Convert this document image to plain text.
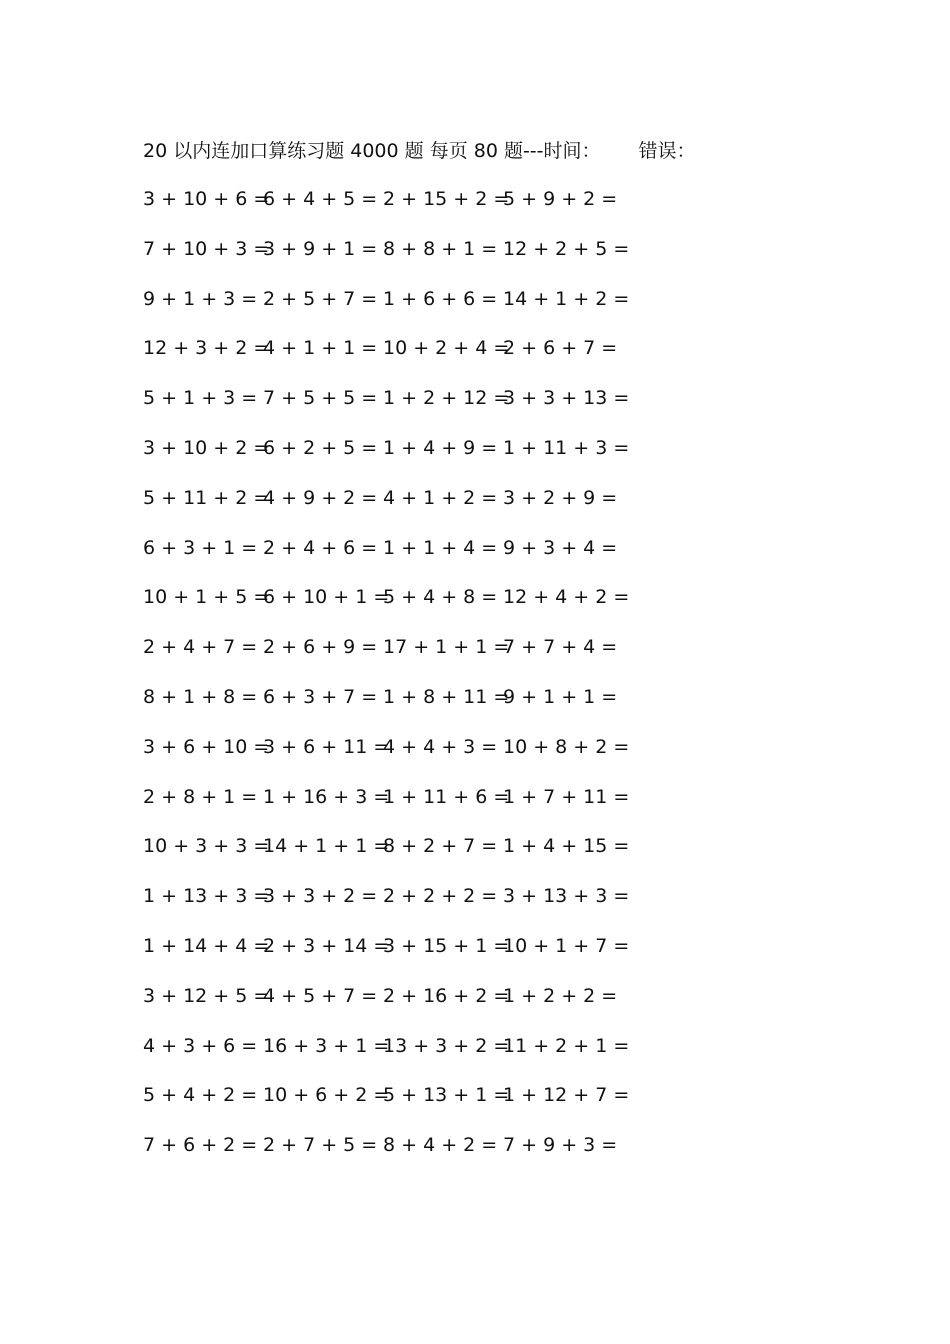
20 以内连加口算练习题 4000 题 每页 80 题---时间： 错误：
3 + 10 + 6 =
6 + 4 + 5 = 2 + 15 + 2 =
5 + 9 + 2 =
7 + 10 + 3 =
3 + 9 + 1 = 8 + 8 + 1 = 12 + 2 + 5 =
9 + 1 + 3 = 2 + 5 + 7 = 1 + 6 + 6 = 14 + 1 + 2 =
12 + 3 + 2 =
4 + 1 + 1 = 10 + 2 + 4 =
2 + 6 + 7 =
5 + 1 + 3 = 7 + 5 + 5 = 1 + 2 + 12 =
3 + 3 + 13 =
3 + 10 + 2 =
6 + 2 + 5 = 1 + 4 + 9 = 1 + 11 + 3 =
5 + 11 + 2 =
4 + 9 + 2 = 4 + 1 + 2 = 3 + 2 + 9 =
6 + 3 + 1 = 2 + 4 + 6 = 1 + 1 + 4 = 9 + 3 + 4 =
10 + 1 + 5 =
6 + 10 + 1 =
5 + 4 + 8 = 12 + 4 + 2 =
2 + 4 + 7 = 2 + 6 + 9 = 17 + 1 + 1 =
7 + 7 + 4 =
8 + 1 + 8 = 6 + 3 + 7 = 1 + 8 + 11 =
9 + 1 + 1 =
3 + 6 + 10 =
3 + 6 + 11 =
4 + 4 + 3 = 10 + 8 + 2 =
2 + 8 + 1 = 1 + 16 + 3 =
1 + 11 + 6 =
1 + 7 + 11 =
10 + 3 + 3 =
14 + 1 + 1 =
8 + 2 + 7 = 1 + 4 + 15 =
1 + 13 + 3 =
3 + 3 + 2 = 2 + 2 + 2 = 3 + 13 + 3 =
1 + 14 + 4 =
2 + 3 + 14 =
3 + 15 + 1 =
10 + 1 + 7 =
3 + 12 + 5 =
4 + 5 + 7 = 2 + 16 + 2 =
1 + 2 + 2 =
4 + 3 + 6 = 16 + 3 + 1 =
13 + 3 + 2 =
11 + 2 + 1 =
5 + 4 + 2 = 10 + 6 + 2 =
5 + 13 + 1 =
1 + 12 + 7 =
7 + 6 + 2 = 2 + 7 + 5 = 8 + 4 + 2 = 7 + 9 + 3 =
